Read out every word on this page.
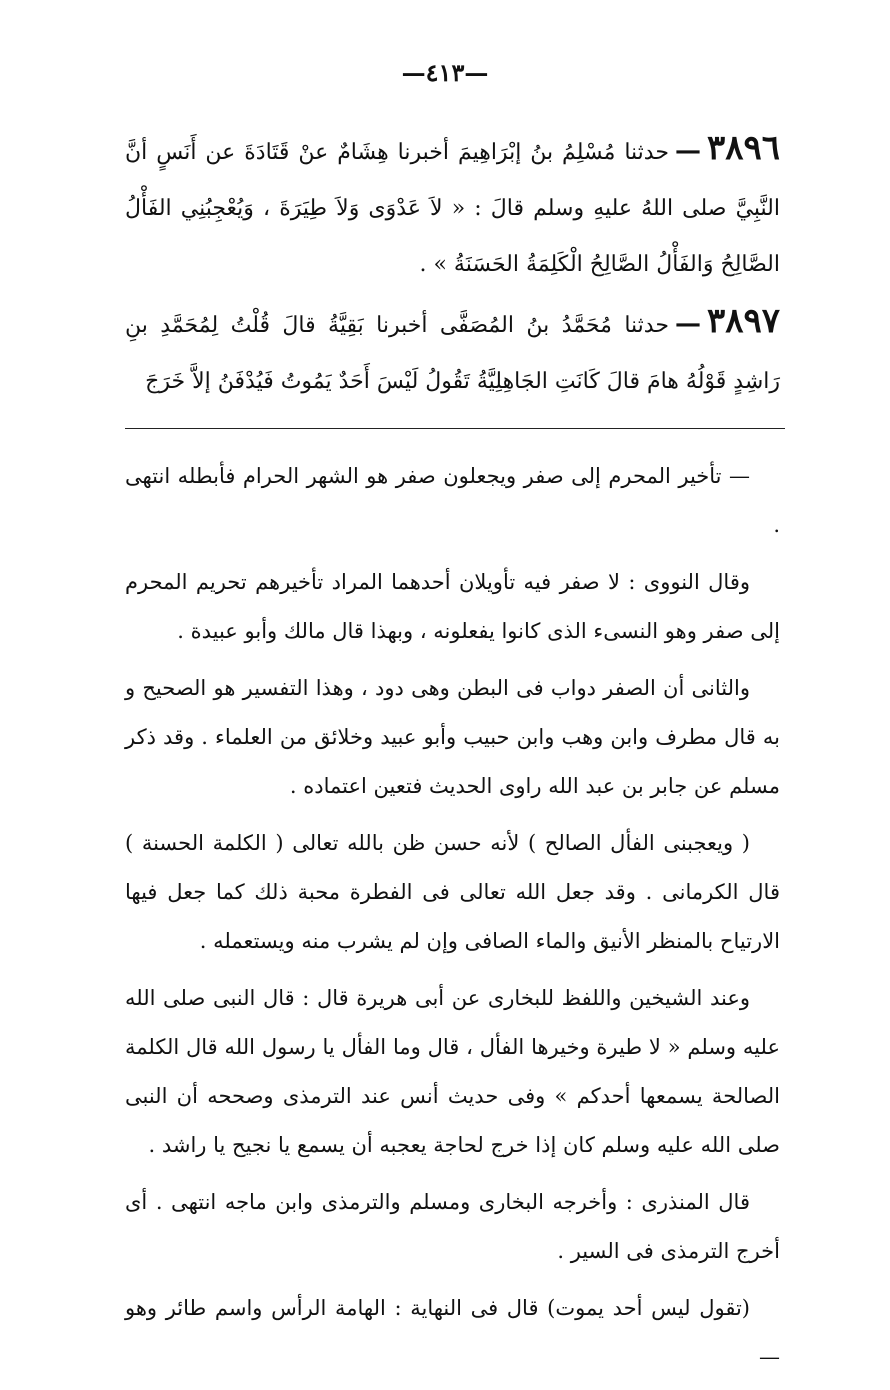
—٤١٣—

٣٨٩٦—حدثنا مُسْلِمُ بنُ إبْرَاهِيمَ أخبرنا هِشَامٌ عنْ قَتَادَةَ عن أَنَسٍ أنَّ النَّبِيَّ صلى اللهُ عليهِ وسلم قالَ : « لاَ عَدْوَى وَلاَ طِيَرَةَ ، وَيُعْجِبُنِي الفَأْلُ الصَّالِحُ وَالفَأْلُ الصَّالِحُ الْكَلِمَةُ الحَسَنَةُ » .

٣٨٩٧—حدثنا مُحَمَّدُ بنُ المُصَفَّى أخبرنا بَقِيَّةُ قالَ قُلْتُ لِمُحَمَّدِ بنِ رَاشِدٍ قَوْلُهُ هامَ قالَ كَانَتِ الجَاهِلِيَّةُ تَقُولُ لَيْسَ أَحَدٌ يَمُوتُ فَيُدْفَنُ إلاَّ خَرَجَ

— تأخير المحرم إلى صفر ويجعلون صفر هو الشهر الحرام فأبطله انتهى .

وقال النووى : لا صفر فيه تأويلان أحدهما المراد تأخيرهم تحريم المحرم إلى صفر وهو النسىء الذى كانوا يفعلونه ، وبهذا قال مالك وأبو عبيدة .

والثانى أن الصفر دواب فى البطن وهى دود ، وهذا التفسير هو الصحيح و به قال مطرف وابن وهب وابن حبيب وأبو عبيد وخلائق من العلماء . وقد ذكر مسلم عن جابر بن عبد الله راوى الحديث فتعين اعتماده .

( ويعجبنى الفأل الصالح ) لأنه حسن ظن بالله تعالى ( الكلمة الحسنة ) قال الكرمانى . وقد جعل الله تعالى فى الفطرة محبة ذلك كما جعل فيها الارتياح بالمنظر الأنيق والماء الصافى وإن لم يشرب منه ويستعمله .

وعند الشيخين واللفظ للبخارى عن أبى هريرة قال : قال النبى صلى الله عليه وسلم « لا طيرة وخيرها الفأل ، قال وما الفأل يا رسول الله قال الكلمة الصالحة يسمعها أحدكم » وفى حديث أنس عند الترمذى وصححه أن النبى صلى الله عليه وسلم كان إذا خرج لحاجة يعجبه أن يسمع يا نجيح يا راشد .

قال المنذرى : وأخرجه البخارى ومسلم والترمذى وابن ماجه انتهى . أى أخرج الترمذى فى السير .

(تقول ليس أحد يموت) قال فى النهاية : الهامة الرأس واسم طائر وهو —
